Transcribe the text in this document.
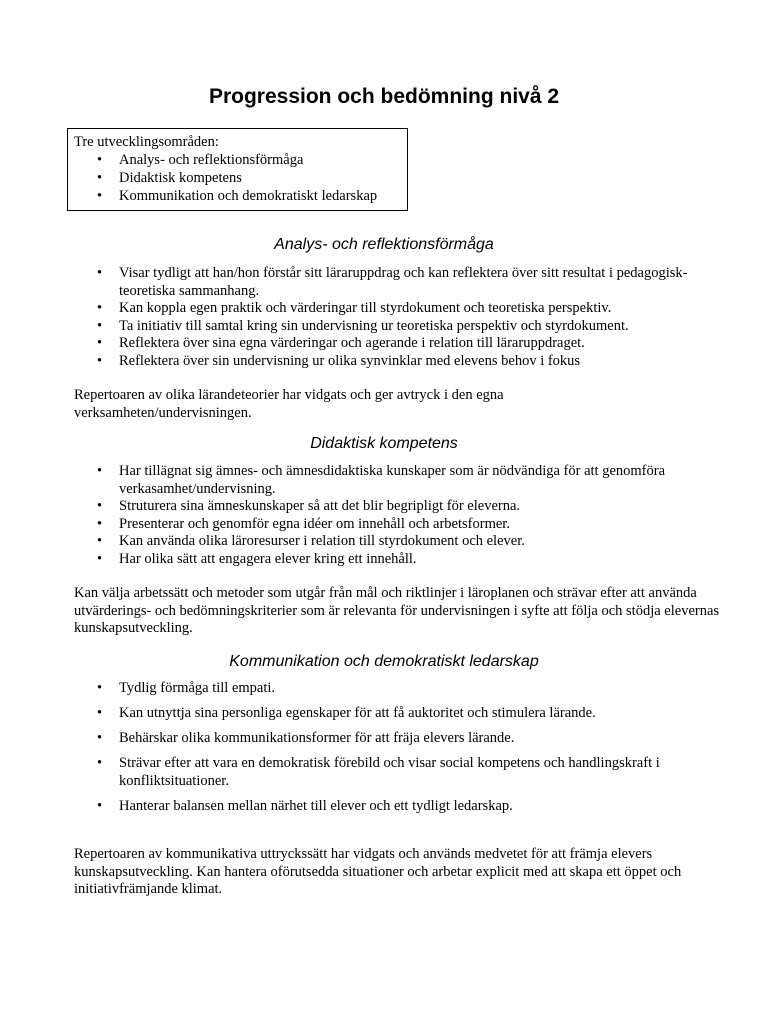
Progression och bedömning nivå 2
Tre utvecklingsområden:
• Analys- och reflektionsförmåga
• Didaktisk kompetens
• Kommunikation och demokratiskt ledarskap
Analys- och reflektionsförmåga
• Visar tydligt att han/hon förstår sitt läraruppdrag och kan reflektera över sitt resultat i pedagogisk-teoretiska sammanhang.
• Kan koppla egen praktik och värderingar till styrdokument och teoretiska perspektiv.
• Ta initiativ till samtal kring sin undervisning ur teoretiska perspektiv och styrdokument.
• Reflektera över sina egna värderingar och agerande i relation till läraruppdraget.
• Reflektera över sin undervisning ur olika synvinklar med elevens behov i fokus

Repertoaren av olika lärandeteorier har vidgats och ger avtryck i den egna verksamheten/undervisningen.

Didaktisk kompetens
• Har tillägnat sig ämnes- och ämnesdidaktiska kunskaper som är nödvändiga för att genomföra verkasamhet/undervisning.
• Struturera sina ämneskunskaper så att det blir begripligt för eleverna.
• Presenterar och genomför egna idéer om innehåll och arbetsformer.
• Kan använda olika läroresurser i relation till styrdokument och elever.
• Har olika sätt att engagera elever kring ett innehåll.

Kan välja arbetssätt och metoder som utgår från mål och riktlinjer i läroplanen och strävar efter att använda utvärderings- och bedömningskriterier som är relevanta för undervisningen i syfte att följa och stödja elevernas kunskapsutveckling.

Kommunikation och demokratiskt ledarskap
• Tydlig förmåga till empati.
• Kan utnyttja sina personliga egenskaper för att få auktoritet och stimulera lärande.
• Behärskar olika kommunikationsformer för att fräja elevers lärande.
• Strävar efter att vara en demokratisk förebild och visar social kompetens och handlingskraft i konfliktsituationer.
• Hanterar balansen mellan närhet till elever och ett tydligt ledarskap.

Repertoaren av kommunikativa uttryckssätt har vidgats och används medvetet för att främja elevers kunskapsutveckling. Kan hantera oförutsedda situationer och arbetar explicit med att skapa ett öppet och initiativfrämjande klimat.
